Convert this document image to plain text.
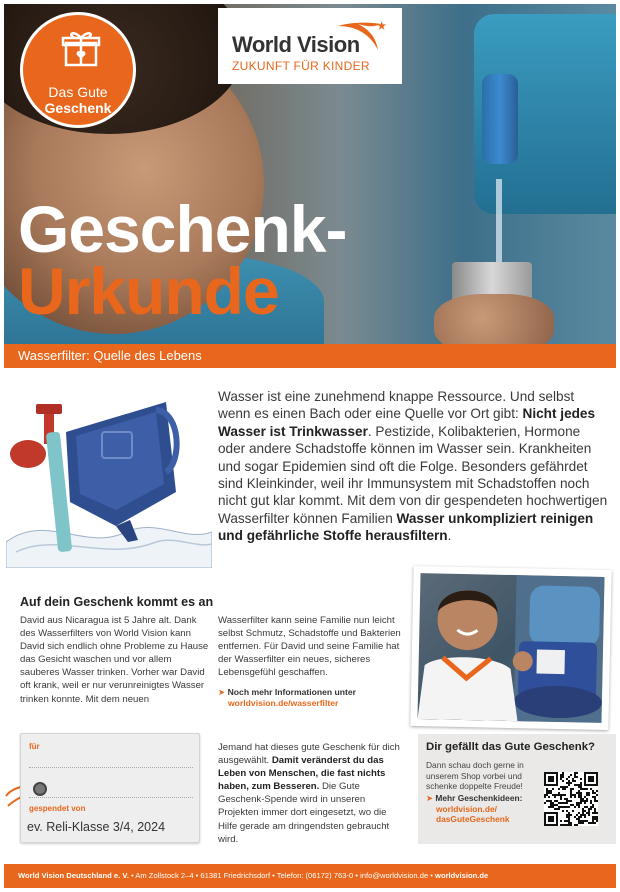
Das Gute
Geschenk
World Vision
ZUKUNFT FÜR KINDER
Geschenk-
Urkunde
Wasserfilter: Quelle des Lebens
Wasser ist eine zunehmend knappe Ressource. Und selbst wenn es einen Bach oder eine Quelle vor Ort gibt: Nicht jedes Wasser ist Trinkwasser. Pestizide, Kolibakterien, Hormone oder andere Schadstoffe können im Wasser sein. Krankheiten und sogar Epidemien sind oft die Folge. Besonders gefährdet sind Kleinkinder, weil ihr Immunsystem mit Schadstoffen noch nicht gut klar kommt. Mit dem von dir gespendeten hochwertigen Wasserfilter können Familien Wasser unkompliziert reinigen und gefährliche Stoffe herausfiltern.
Auf dein Geschenk kommt es an
David aus Nicaragua ist 5 Jahre alt. Dank des Wasserfilters von World Vision kann David sich endlich ohne Probleme zu Hause das Gesicht waschen und vor allem sauberes Wasser trinken. Vorher war David oft krank, weil er nur verunreinigtes Wasser trinken konnte. Mit dem neuen
Wasserfilter kann seine Familie nun leicht selbst Schmutz, Schadstoffe und Bakterien entfernen. Für David und seine Familie hat der Wasserfilter ein neues, sicheres Lebensgefühl geschaffen.
➤ Noch mehr Informationen unter
worldvision.de/wasserfilter
für
gespendet von
ev. Reli-Klasse 3/4, 2024
Jemand hat dieses gute Geschenk für dich ausgewählt. Damit veränderst du das Leben von Menschen, die fast nichts haben, zum Besseren. Die Gute Geschenk-Spende wird in unseren Projekten immer dort eingesetzt, wo die Hilfe gerade am dringendsten gebraucht wird.
Dir gefällt das Gute Geschenk?
Dann schau doch gerne in unserem Shop vorbei und schenke doppelte Freude!
➤ Mehr Geschenkideen:
worldvision.de/
dasGuteGeschenk
World Vision Deutschland e. V. • Am Zollstock 2–4 • 61381 Friedrichsdorf • Telefon: (06172) 763-0 • info@worldvision.de • worldvision.de
